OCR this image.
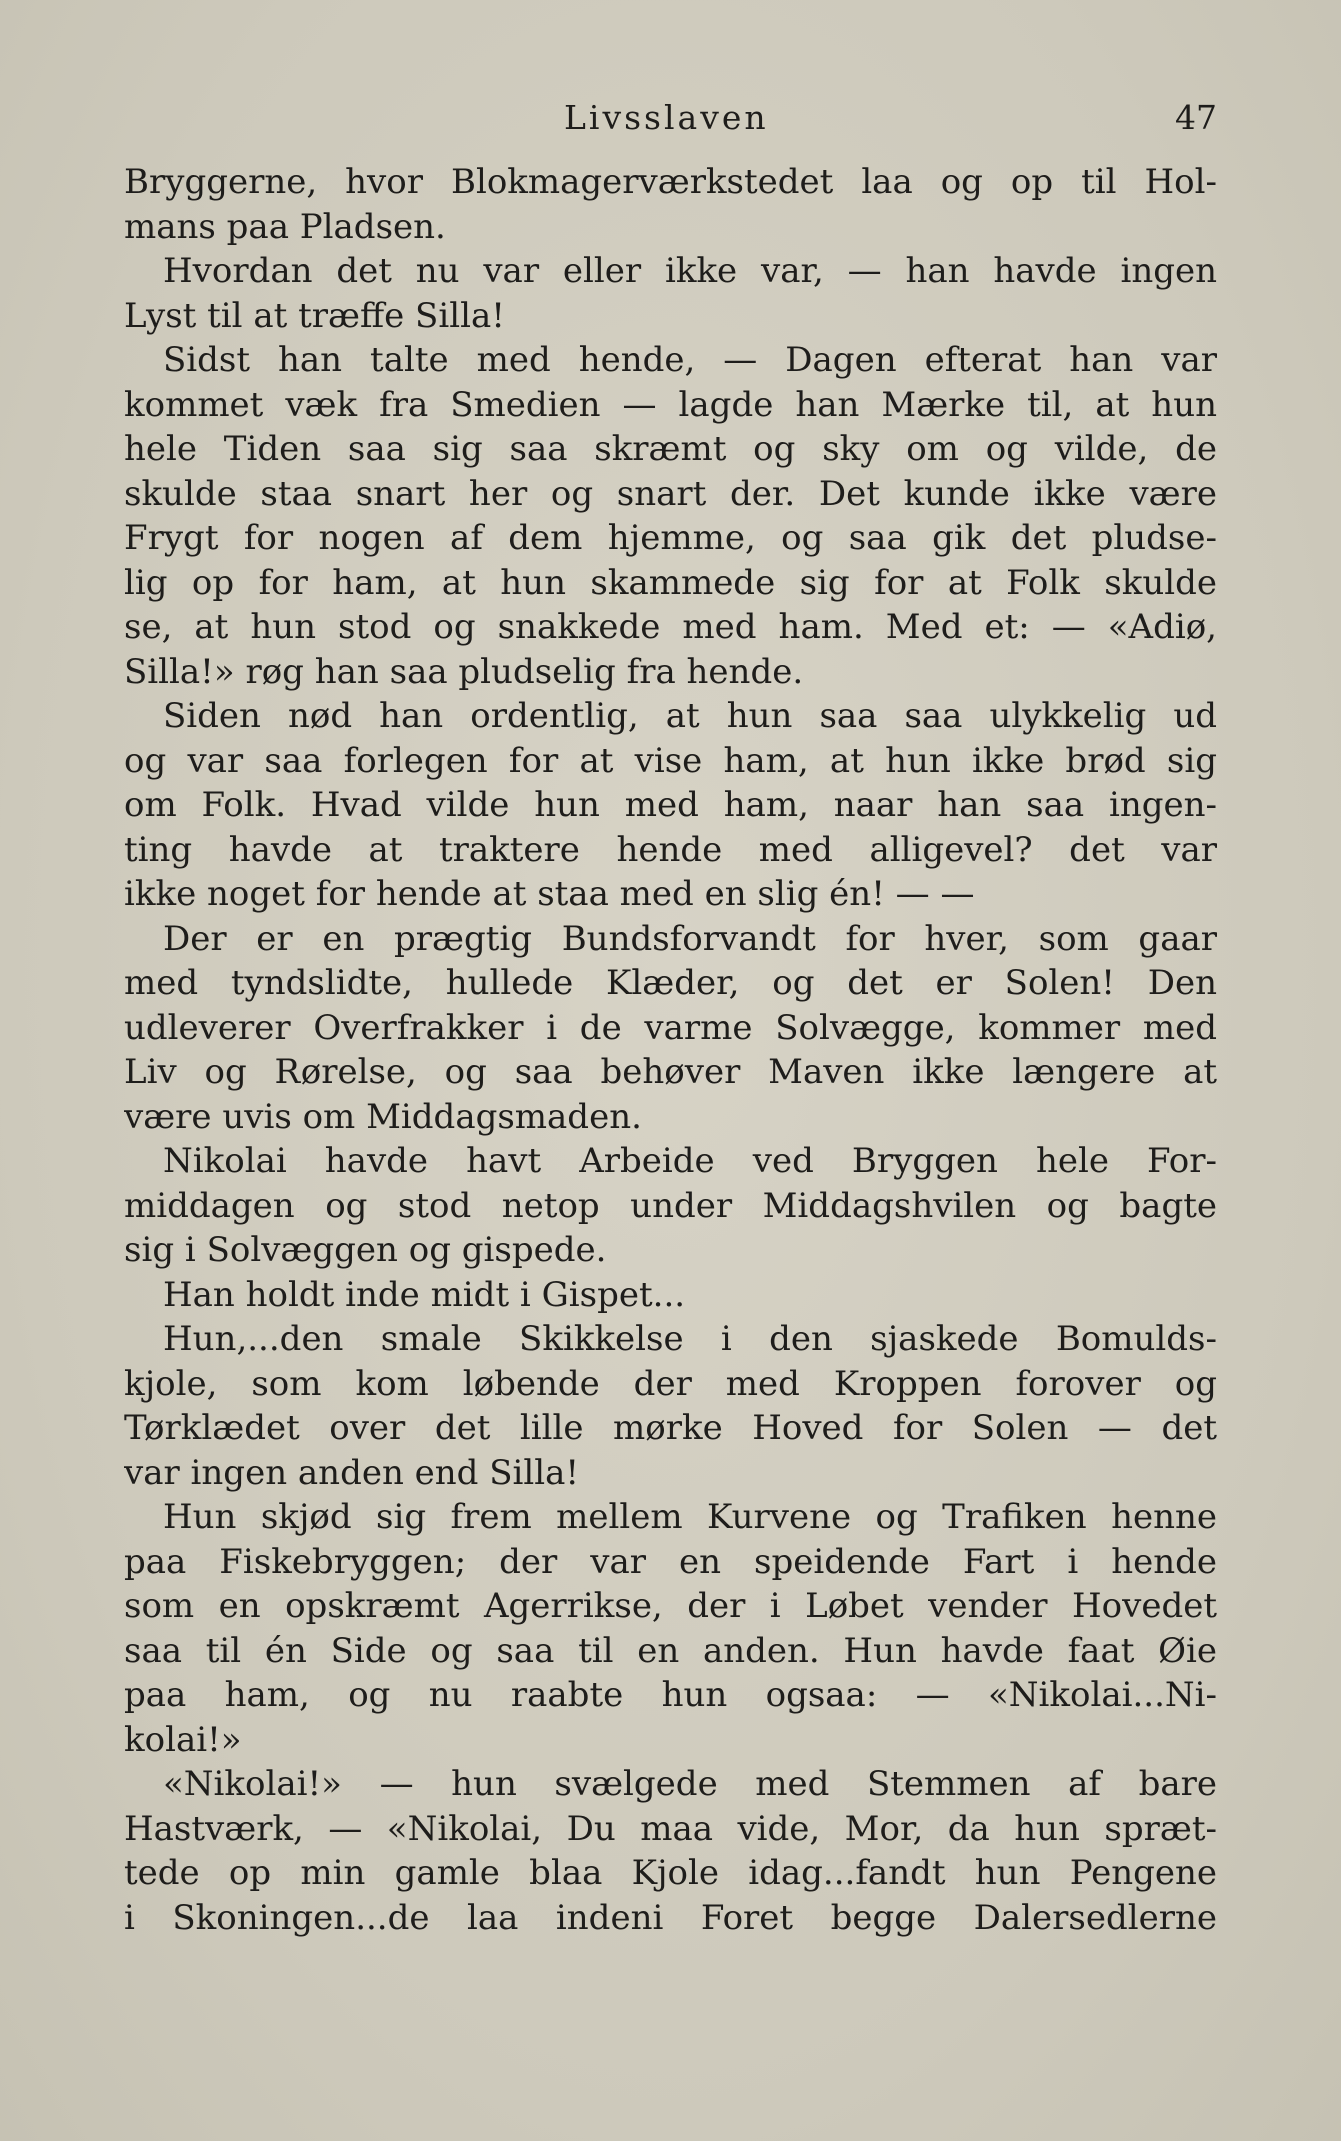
Livsslaven	47
Bryggerne, hvor Blokmagerværkstedet laa og op til Hol-
mans paa Pladsen.
Hvordan det nu var eller ikke var, — han havde ingen
Lyst til at træffe Silla!
Sidst han talte med hende, — Dagen efterat han var
kommet væk fra Smedien — lagde han Mærke til, at hun
hele Tiden saa sig saa skræmt og sky om og vilde, de
skulde staa snart her og snart der. Det kunde ikke være
Frygt for nogen af dem hjemme, og saa gik det pludse-
lig op for ham, at hun skammede sig for at Folk skulde
se, at hun stod og snakkede med ham. Med et: — «Adiø,
Silla!» røg han saa pludselig fra hende.
Siden nød han ordentlig, at hun saa saa ulykkelig ud
og var saa forlegen for at vise ham, at hun ikke brød sig
om Folk. Hvad vilde hun med ham, naar han saa ingen-
ting havde at traktere hende med alligevel? det var
ikke noget for hende at staa med en slig én! — —
Der er en prægtig Bundsforvandt for hver, som gaar
med tyndslidte, hullede Klæder, og det er Solen! Den
udleverer Overfrakker i de varme Solvægge, kommer med
Liv og Rørelse, og saa behøver Maven ikke længere at
være uvis om Middagsmaden.
Nikolai havde havt Arbeide ved Bryggen hele For-
middagen og stod netop under Middagshvilen og bagte
sig i Solvæggen og gispede.
Han holdt inde midt i Gispet...
Hun,...den smale Skikkelse i den sjaskede Bomulds-
kjole, som kom løbende der med Kroppen forover og
Tørklædet over det lille mørke Hoved for Solen — det
var ingen anden end Silla!
Hun skjød sig frem mellem Kurvene og Trafiken henne
paa Fiskebryggen; der var en speidende Fart i hende
som en opskræmt Agerrikse, der i Løbet vender Hovedet
saa til én Side og saa til en anden. Hun havde faat Øie
paa ham, og nu raabte hun ogsaa: — «Nikolai...Ni-
kolai!»
«Nikolai!» — hun svælgede med Stemmen af bare
Hastværk, — «Nikolai, Du maa vide, Mor, da hun spræt-
tede op min gamle blaa Kjole idag...fandt hun Pengene
i Skoningen...de laa indeni Foret begge Dalersedlerne
